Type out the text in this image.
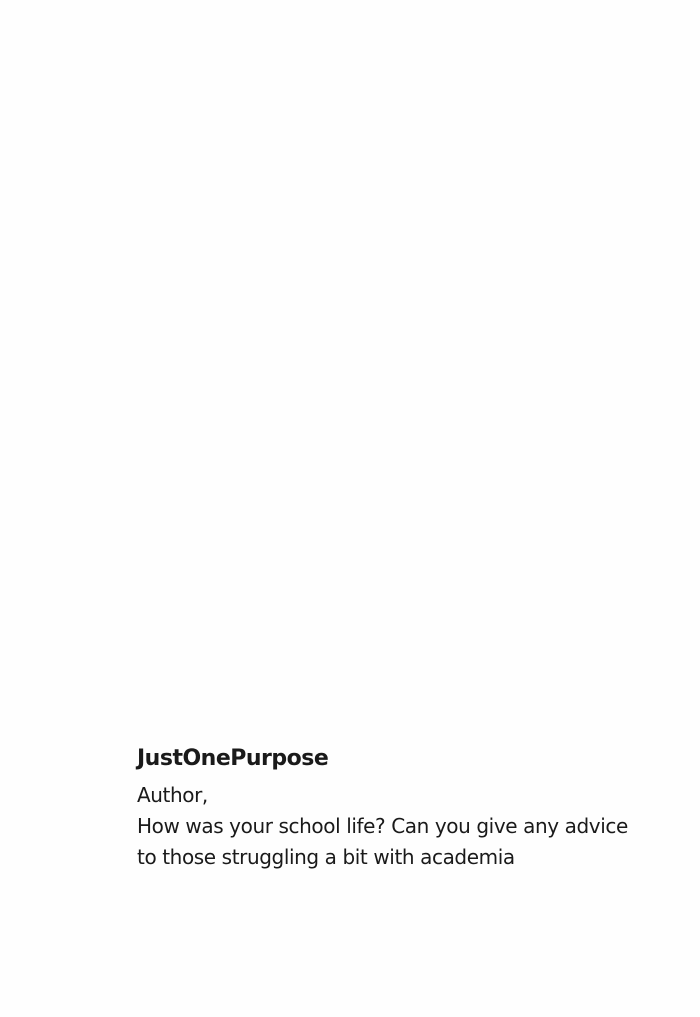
JustOnePurpose

Author,

How was your school life? Can you give any advice

to those struggling a bit with academia
